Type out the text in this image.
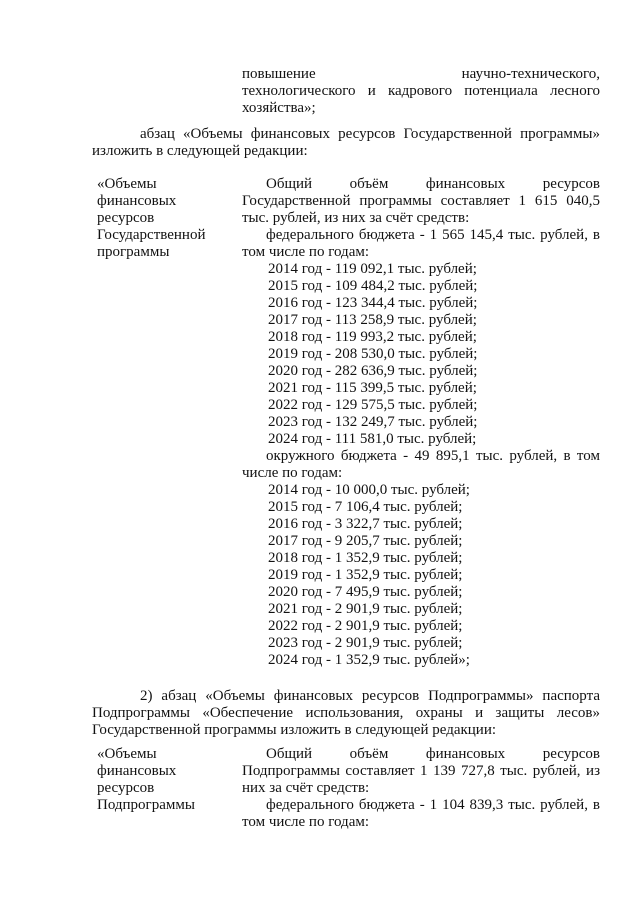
повышение научно-технического,
технологического и кадрового потенциала лесного
хозяйства»;
абзац «Объемы финансовых ресурсов Государственной программы»
изложить в следующей редакции:
«Объемы
финансовых
ресурсов
Государственной
программы
Общий объём финансовых ресурсов
Государственной программы составляет 1 615 040,5
тыс. рублей, из них за счёт средств:
федерального бюджета - 1 565 145,4 тыс. рублей, в
том числе по годам:
2014 год - 119 092,1 тыс. рублей;
2015 год - 109 484,2 тыс. рублей;
2016 год - 123 344,4 тыс. рублей;
2017 год - 113 258,9 тыс. рублей;
2018 год - 119 993,2 тыс. рублей;
2019 год - 208 530,0 тыс. рублей;
2020 год - 282 636,9 тыс. рублей;
2021 год - 115 399,5 тыс. рублей;
2022 год - 129 575,5 тыс. рублей;
2023 год - 132 249,7 тыс. рублей;
2024 год - 111 581,0 тыс. рублей;
окружного бюджета - 49 895,1 тыс. рублей, в том
числе по годам:
2014 год - 10 000,0 тыс. рублей;
2015 год - 7 106,4 тыс. рублей;
2016 год - 3 322,7 тыс. рублей;
2017 год - 9 205,7 тыс. рублей;
2018 год - 1 352,9 тыс. рублей;
2019 год - 1 352,9 тыс. рублей;
2020 год - 7 495,9 тыс. рублей;
2021 год - 2 901,9 тыс. рублей;
2022 год - 2 901,9 тыс. рублей;
2023 год - 2 901,9 тыс. рублей;
2024 год - 1 352,9 тыс. рублей»;
2) абзац «Объемы финансовых ресурсов Подпрограммы» паспорта
Подпрограммы «Обеспечение использования, охраны и защиты лесов»
Государственной программы изложить в следующей редакции:
«Объемы
финансовых
ресурсов
Подпрограммы
Общий объём финансовых ресурсов
Подпрограммы составляет 1 139 727,8 тыс. рублей, из
них за счёт средств:
федерального бюджета - 1 104 839,3 тыс. рублей, в
том числе по годам:
